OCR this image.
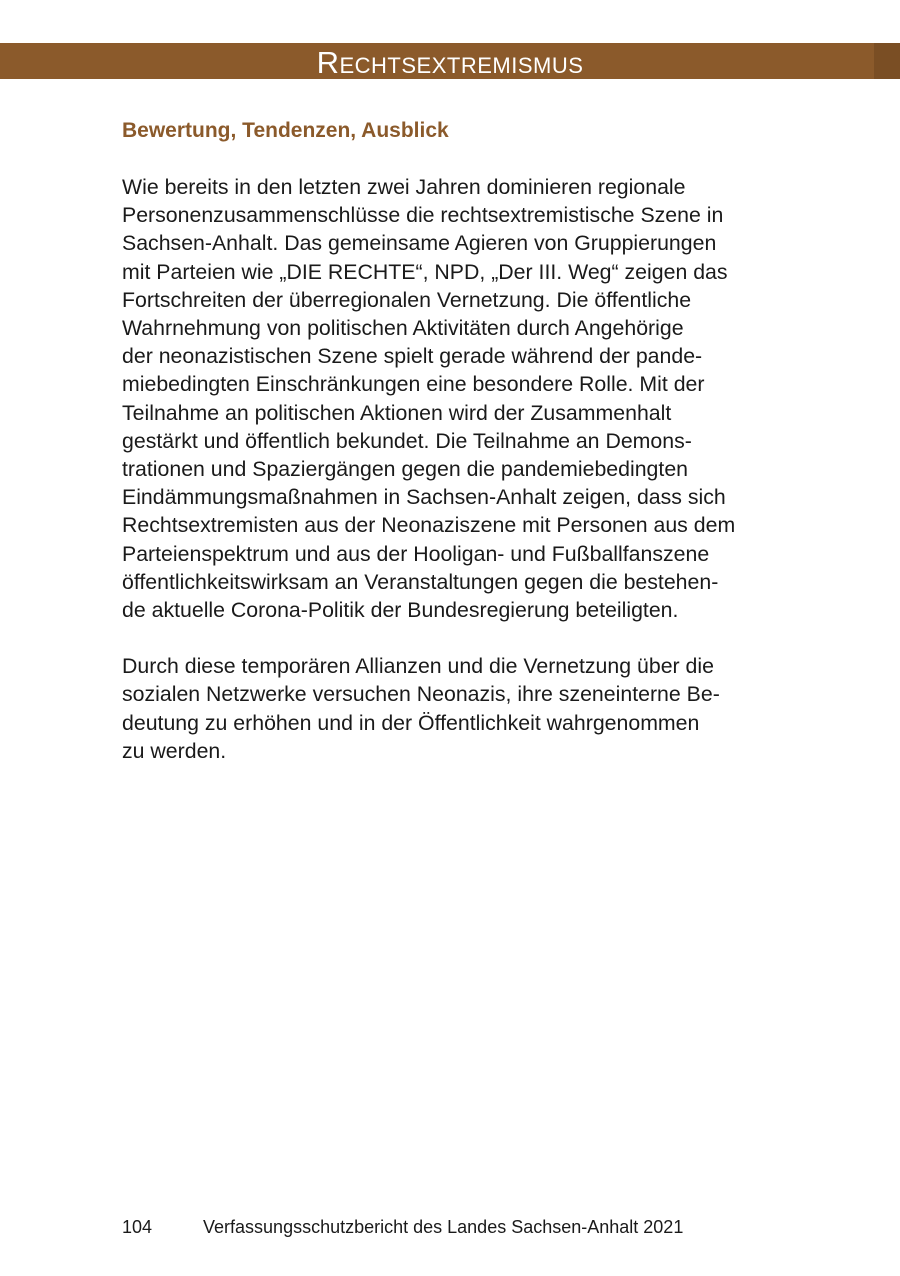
Rechtsextremismus
Bewertung, Tendenzen, Ausblick

Wie bereits in den letzten zwei Jahren dominieren regionale
Personenzusammenschlüsse die rechtsextremistische Szene in
Sachsen-Anhalt. Das gemeinsame Agieren von Gruppierungen
mit Parteien wie „DIE RECHTE“, NPD, „Der III. Weg“ zeigen das
Fortschreiten der überregionalen Vernetzung. Die öffentliche
Wahrnehmung von politischen Aktivitäten durch Angehörige
der neonazistischen Szene spielt gerade während der pande-
miebedingten Einschränkungen eine besondere Rolle. Mit der
Teilnahme an politischen Aktionen wird der Zusammenhalt
gestärkt und öffentlich bekundet. Die Teilnahme an Demons-
trationen und Spaziergängen gegen die pandemiebedingten
Eindämmungsmaßnahmen in Sachsen-Anhalt zeigen, dass sich
Rechtsextremisten aus der Neonaziszene mit Personen aus dem
Parteienspektrum und aus der Hooligan- und Fußballfanszene
öffentlichkeitswirksam an Veranstaltungen gegen die bestehen-
de aktuelle Corona-Politik der Bundesregierung beteiligten.

Durch diese temporären Allianzen und die Vernetzung über die
sozialen Netzwerke versuchen Neonazis, ihre szeneinterne Be-
deutung zu erhöhen und in der Öffentlichkeit wahrgenommen
zu werden.

104	Verfassungsschutzbericht des Landes Sachsen-Anhalt 2021
